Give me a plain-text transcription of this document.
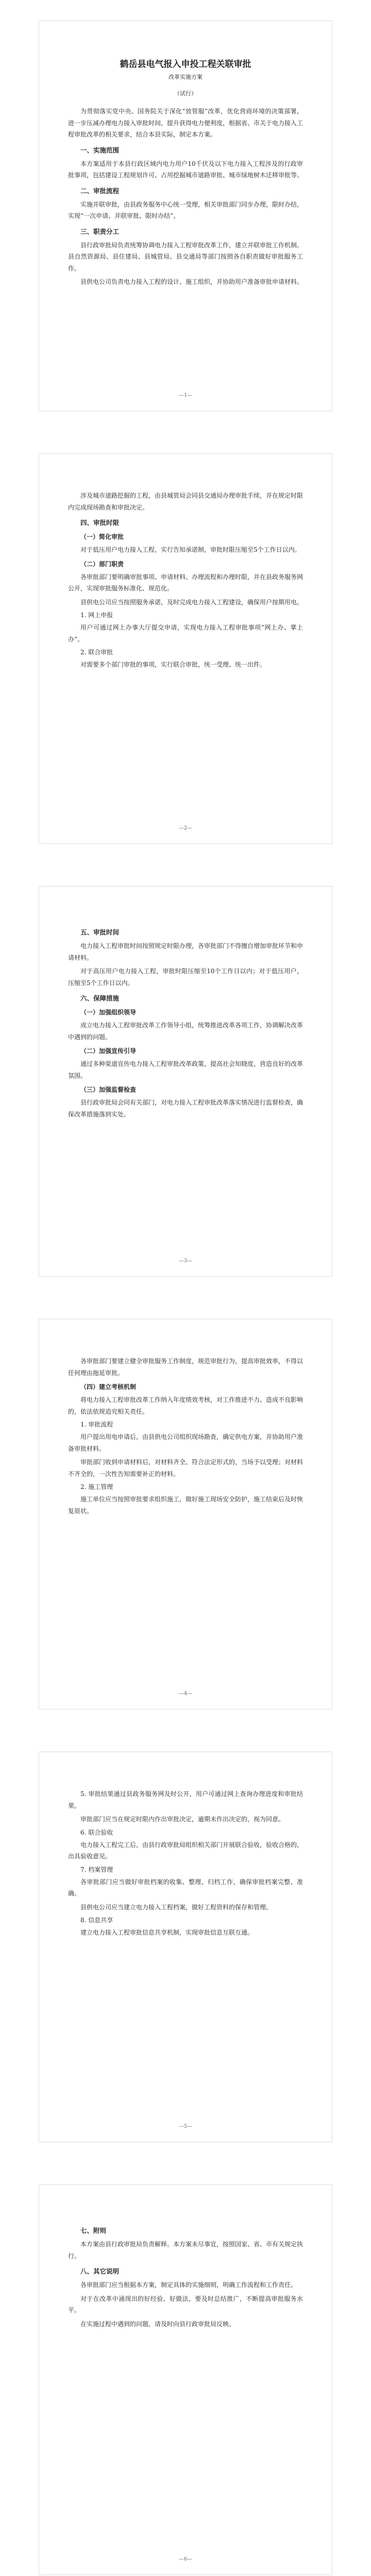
鹤岳县电气报入申投工程关联审批
改革实施方案
（试行）

为贯彻落实党中央、国务院关于深化“放管服”改革，优化营商环境的决策部署，进一步压减办理电力接入审批时间，提升获得电力便利度，根据省、市关于电力接入工程审批改革的相关要求，结合本县实际，制定本方案。

一、实施范围

本方案适用于本县行政区域内电力用户10千伏及以下电力接入工程涉及的行政审批事项，包括建设工程规划许可、占用挖掘城市道路审批、城市绿地树木迁移审批等。

二、审批流程

实施并联审批，由县政务服务中心统一受理，相关审批部门同步办理，限时办结，实现“一次申请、并联审批、限时办结”。

三、职责分工

县行政审批局负责统筹协调电力接入工程审批改革工作，建立并联审批工作机制。县自然资源局、县住建局、县城管局、县交通局等部门按照各自职责做好审批服务工作。

县供电公司负责电力接入工程的设计、施工组织，并协助用户准备审批申请材料。

—1—

涉及城市道路挖掘的工程，由县城管局会同县交通局办理审批手续，并在规定时限内完成现场勘查和审批决定。

四、审批时限
（一）简化审批

对于低压用户电力接入工程，实行告知承诺制，审批时限压缩至5个工作日以内。

（二）部门职责

各审批部门要明确审批事项、申请材料、办理流程和办理时限，并在县政务服务网公开，实现审批服务标准化、规范化。

县供电公司应当按照服务承诺，及时完成电力接入工程建设，确保用户按期用电。

1. 网上申报

用户可通过网上办事大厅提交申请，实现电力接入工程审批事项“网上办、掌上办”。

2. 联合审批

对需要多个部门审批的事项，实行联合审批，统一受理、统一出件。

—2—
五、审批时间

电力接入工程审批时间按照规定时限办理，各审批部门不得擅自增加审批环节和申请材料。

对于高压用户电力接入工程，审批时限压缩至10个工作日以内；对于低压用户，压缩至5个工作日以内。

六、保障措施
（一）加强组织领导

成立电力接入工程审批改革工作领导小组，统筹推进改革各项工作，协调解决改革中遇到的问题。

（二）加强宣传引导

通过多种渠道宣传电力接入工程审批改革政策，提高社会知晓度，营造良好的改革氛围。

（三）加强监督检查

县行政审批局会同有关部门，对电力接入工程审批改革落实情况进行监督检查，确保改革措施落到实处。

—3—

各审批部门要建立健全审批服务工作制度，规范审批行为，提高审批效率，不得以任何理由拖延审批。

（四）建立考核机制

将电力接入工程审批改革工作纳入年度绩效考核，对工作推进不力、造成不良影响的，依法依规追究相关责任。

1. 审批流程

用户提出用电申请后，由县供电公司组织现场勘查，确定供电方案，并协助用户准备审批材料。

审批部门收到申请材料后，对材料齐全、符合法定形式的，当场予以受理；对材料不齐全的，一次性告知需要补正的材料。

2. 施工管理

施工单位应当按照审批要求组织施工，做好施工现场安全防护，施工结束后及时恢复原状。

—4—

5. 审批结果通过县政务服务网及时公开，用户可通过网上查询办理进度和审批结果。

审批部门应当在规定时限内作出审批决定，逾期未作出决定的，视为同意。

6. 联合验收

电力接入工程完工后，由县行政审批局组织相关部门开展联合验收，验收合格的，出具验收意见。

7. 档案管理

各审批部门应当做好审批档案的收集、整理、归档工作，确保审批档案完整、准确。

县供电公司应当建立电力接入工程档案，做好工程资料的保存和管理。

8. 信息共享

建立电力接入工程审批信息共享机制，实现审批信息互联互通。

—5—
七、附则

本方案由县行政审批局负责解释。本方案未尽事宜，按照国家、省、市有关规定执行。

八、其它说明

各审批部门应当根据本方案，制定具体的实施细则，明确工作流程和工作责任。

对于在改革中涌现出的好经验、好做法，要及时总结推广，不断提高审批服务水平。

在实施过程中遇到的问题，请及时向县行政审批局反映。

—6—
